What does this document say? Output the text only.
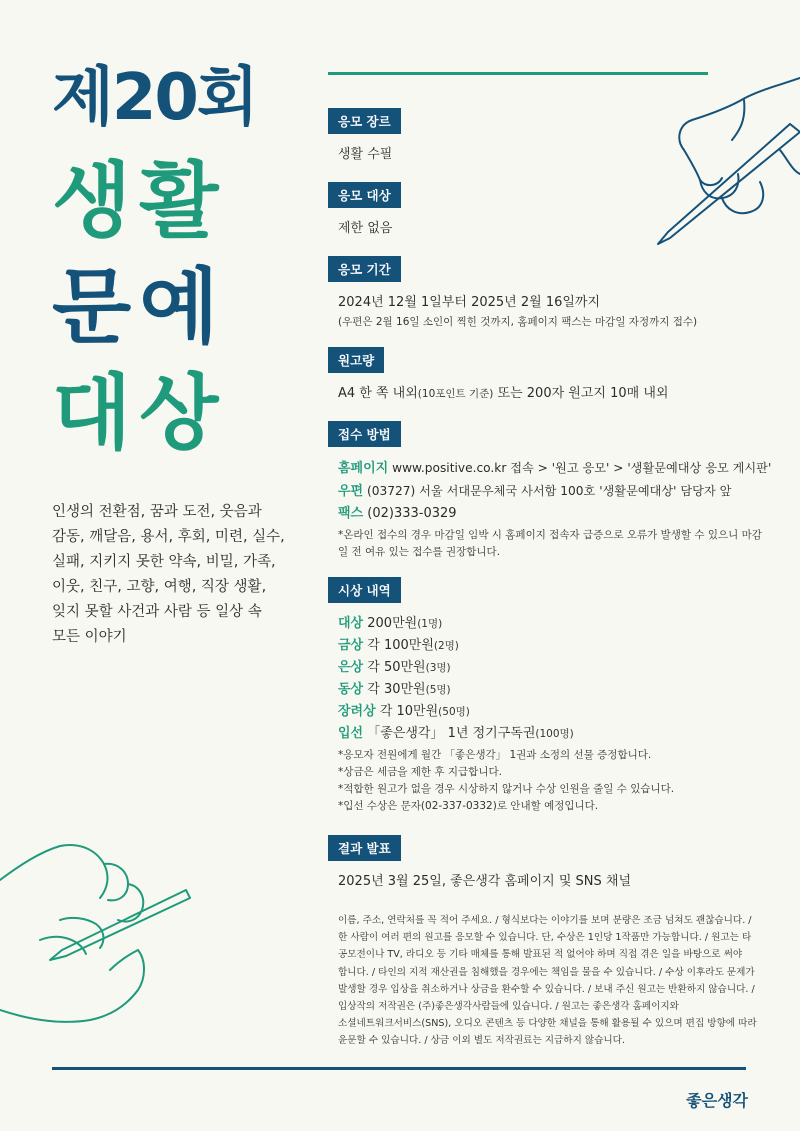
제20회
생활
문예
대상
인생의 전환점, 꿈과 도전, 웃음과 감동, 깨달음, 용서, 후회, 미련, 실수, 실패, 지키지 못한 약속, 비밀, 가족, 이웃, 친구, 고향, 여행, 직장 생활, 잊지 못할 사건과 사람 등 일상 속 모든 이야기
응모 장르
생활 수필
응모 대상
제한 없음
응모 기간
2024년 12월 1일부터 2025년 2월 16일까지
(우편은 2월 16일 소인이 찍힌 것까지, 홈페이지 팩스는 마감일 자정까지 접수)
원고량
A4 한 쪽 내외(10포인트 기준) 또는 200자 원고지 10매 내외
접수 방법
홈페이지 www.positive.co.kr 접속 > '원고 응모' > '생활문예대상 응모 게시판'
우편 (03727) 서울 서대문우체국 사서함 100호 '생활문예대상' 담당자 앞
팩스 (02)333-0329
*온라인 접수의 경우 마감일 임박 시 홈페이지 접속자 급증으로 오류가 발생할 수 있으니 마감일 전 여유 있는 접수를 권장합니다.
시상 내역
대상 200만원(1명)
금상 각 100만원(2명)
은상 각 50만원(3명)
동상 각 30만원(5명)
장려상 각 10만원(50명)
입선 「좋은생각」 1년 정기구독권(100명)
*응모자 전원에게 월간 「좋은생각」 1권과 소정의 선물 증정합니다.
*상금은 세금을 제한 후 지급합니다.
*적합한 원고가 없을 경우 시상하지 않거나 수상 인원을 줄일 수 있습니다.
*입선 수상은 문자(02-337-0332)로 안내할 예정입니다.
결과 발표
2025년 3월 25일, 좋은생각 홈페이지 및 SNS 채널
이름, 주소, 연락처를 꼭 적어 주세요. / 형식보다는 이야기를 보며 분량은 조금 넘쳐도 괜찮습니다. / 한 사람이 여러 편의 원고를 응모할 수 있습니다. 단, 수상은 1인당 1작품만 가능합니다. / 원고는 타 공모전이나 TV, 라디오 등 기타 매체를 통해 발표된 적 없어야 하며 직접 겪은 일을 바탕으로 써야 합니다. / 타인의 지적 재산권을 침해했을 경우에는 책임을 물을 수 있습니다. / 수상 이후라도 문제가 발생할 경우 입상을 취소하거나 상금을 환수할 수 있습니다. / 보내 주신 원고는 반환하지 않습니다. / 입상작의 저작권은 (주)좋은생각사람들에 있습니다. / 원고는 좋은생각 홈페이지와 소셜네트워크서비스(SNS), 오디오 콘텐츠 등 다양한 채널을 통해 활용될 수 있으며 편집 방향에 따라 윤문할 수 있습니다. / 상금 이외 별도 저작권료는 지급하지 않습니다.
좋은생각
